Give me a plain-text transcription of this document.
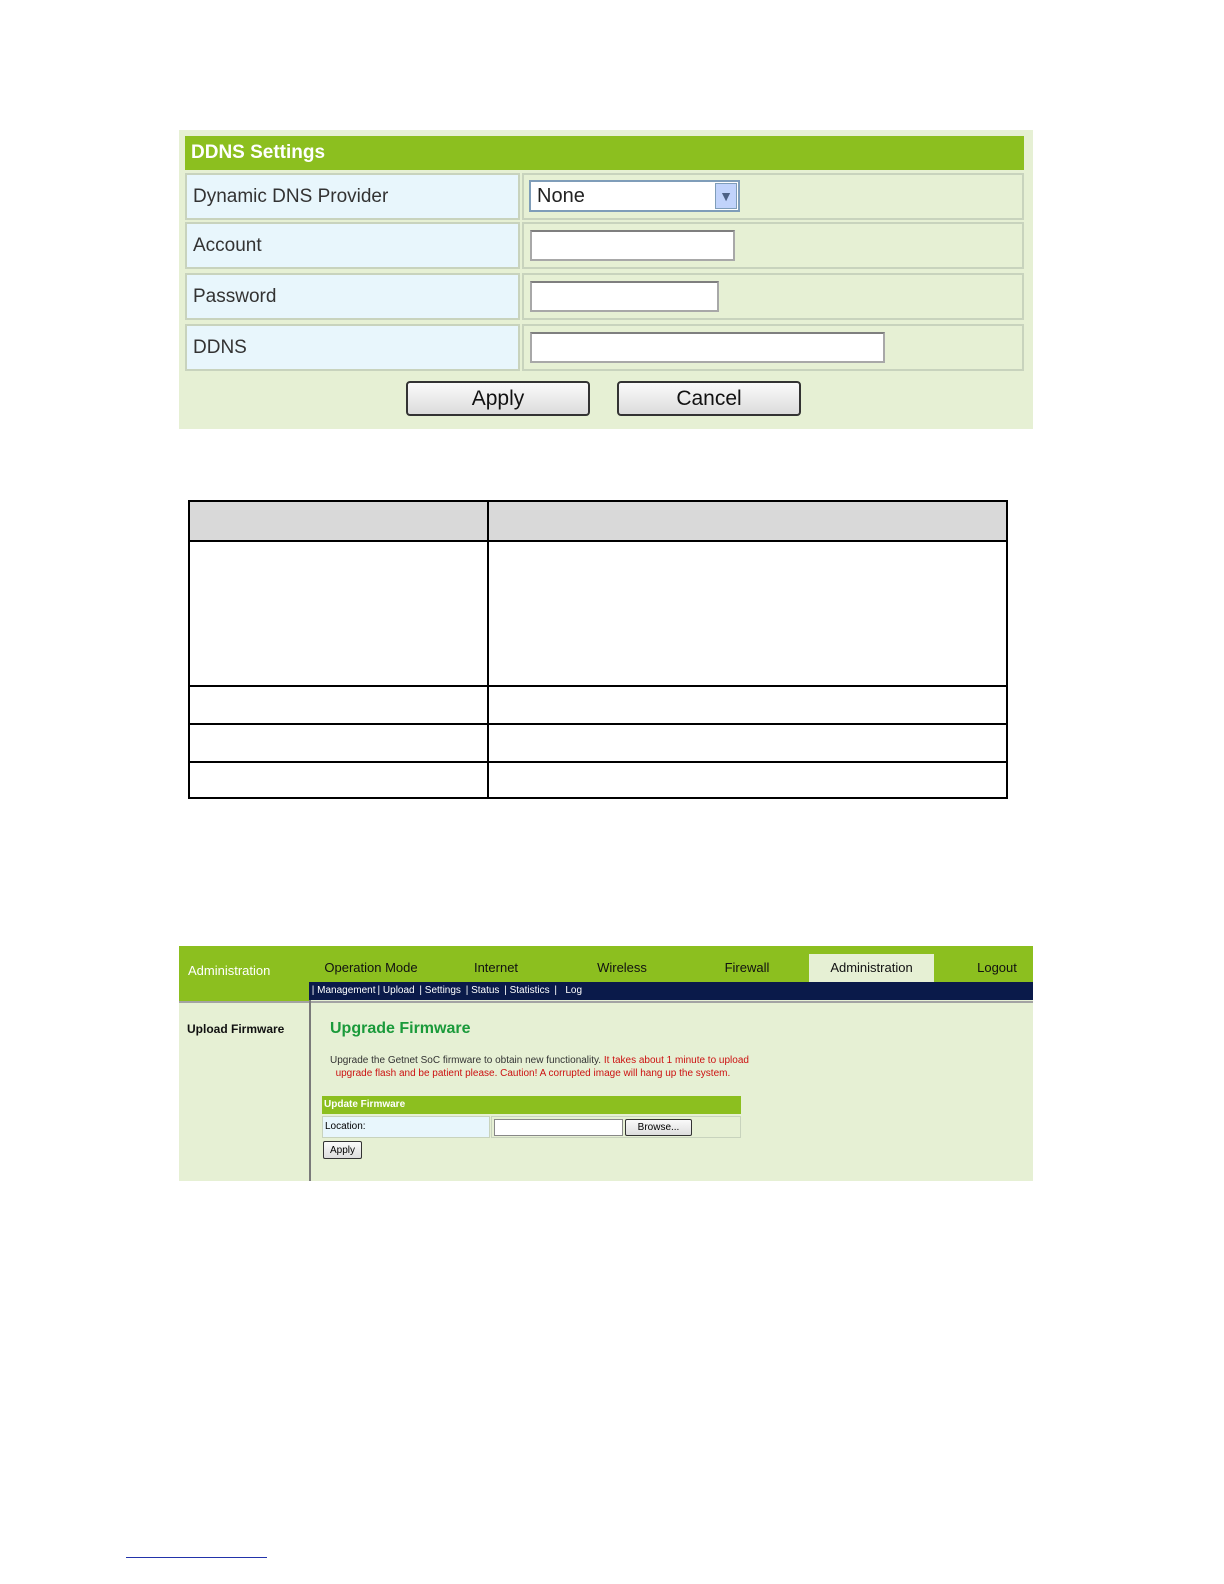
DDNS Settings
Dynamic DNS Provider	None	▼
Account
Password
DDNS
Apply	Cancel
Administration	Operation Mode	Internet	Wireless	Firewall	Administration	Logout
| Management | Upload | Settings | Status | Statistics |   Log
Upload Firmware	Upgrade Firmware
Upgrade the Getnet SoC firmware to obtain new functionality. It takes about 1 minute to upload
upgrade flash and be patient please. Caution! A corrupted image will hang up the system.
Update Firmware
Location:	Browse...
Apply
